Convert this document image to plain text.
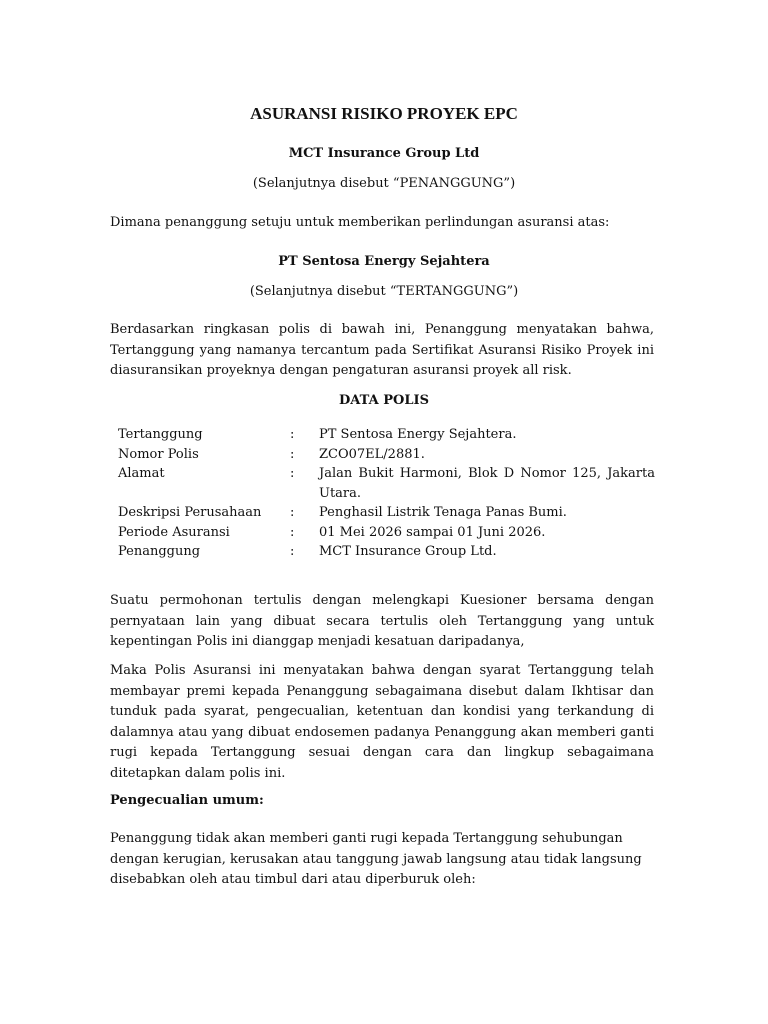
ASURANSI RISIKO PROYEK EPC
MCT Insurance Group Ltd
(Selanjutnya disebut “PENANGGUNG”)
Dimana penanggung setuju untuk memberikan perlindungan asuransi atas:
PT Sentosa Energy Sejahtera
(Selanjutnya disebut “TERTANGGUNG”)

Berdasarkan ringkasan polis di bawah ini, Penanggung menyatakan bahwa, Tertanggung yang namanya tercantum pada Sertifikat Asuransi Risiko Proyek ini diasuransikan proyeknya dengan pengaturan asuransi proyek all risk.

DATA POLIS
Tertanggung	:	PT Sentosa Energy Sejahtera.
Nomor Polis	:	ZCO07EL/2881.
Alamat	:	Jalan Bukit Harmoni, Blok D Nomor 125, Jakarta Utara.
Deskripsi Perusahaan	:	Penghasil Listrik Tenaga Panas Bumi.
Periode Asuransi	:	01 Mei 2026 sampai 01 Juni 2026.
Penanggung	:	MCT Insurance Group Ltd.

Suatu permohonan tertulis dengan melengkapi Kuesioner bersama dengan pernyataan lain yang dibuat secara tertulis oleh Tertanggung yang untuk kepentingan Polis ini dianggap menjadi kesatuan daripadanya,

Maka Polis Asuransi ini menyatakan bahwa dengan syarat Tertanggung telah membayar premi kepada Penanggung sebagaimana disebut dalam Ikhtisar dan tunduk pada syarat, pengecualian, ketentuan dan kondisi yang terkandung di dalamnya atau yang dibuat endosemen padanya Penanggung akan memberi ganti rugi kepada Tertanggung sesuai dengan cara dan lingkup sebagaimana ditetapkan dalam polis ini.

Pengecualian umum:

Penanggung tidak akan memberi ganti rugi kepada Tertanggung sehubungan dengan kerugian, kerusakan atau tanggung jawab langsung atau tidak langsung disebabkan oleh atau timbul dari atau diperburuk oleh:
